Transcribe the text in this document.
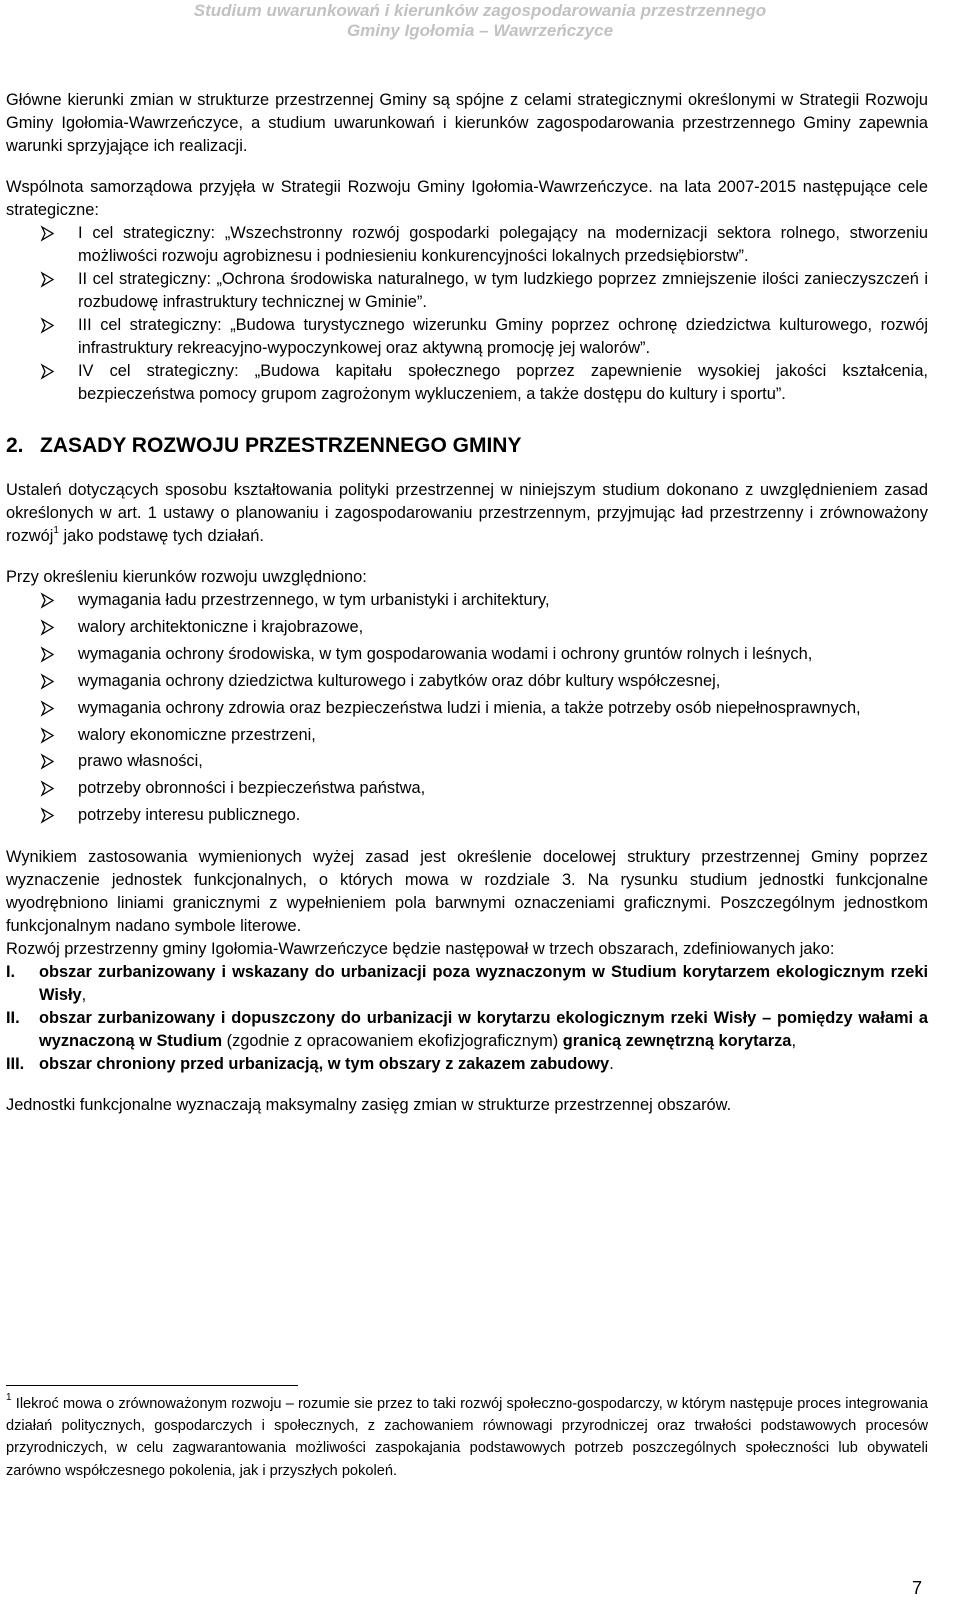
Studium uwarunkowań i kierunków zagospodarowania przestrzennego
Gminy Igołomia – Wawrzeńczyce

Główne kierunki zmian w strukturze przestrzennej Gminy są spójne z celami strategicznymi określonymi w Strategii Rozwoju Gminy Igołomia-Wawrzeńczyce, a studium uwarunkowań i kierunków zagospodarowania przestrzennego Gminy zapewnia warunki sprzyjające ich realizacji.

Wspólnota samorządowa przyjęła w Strategii Rozwoju Gminy Igołomia-Wawrzeńczyce. na lata 2007-2015 następujące cele strategiczne:

I cel strategiczny: „Wszechstronny rozwój gospodarki polegający na modernizacji sektora rolnego, stworzeniu możliwości rozwoju agrobiznesu i podniesieniu konkurencyjności lokalnych przedsiębiorstw”.
II cel strategiczny: „Ochrona środowiska naturalnego, w tym ludzkiego poprzez zmniejszenie ilości zanieczyszczeń i rozbudowę infrastruktury technicznej w Gminie”.
III cel strategiczny: „Budowa turystycznego wizerunku Gminy poprzez ochronę dziedzictwa kulturowego, rozwój infrastruktury rekreacyjno-wypoczynkowej oraz aktywną promocję jej walorów”.
IV cel strategiczny: „Budowa kapitału społecznego poprzez zapewnienie wysokiej jakości kształcenia, bezpieczeństwa pomocy grupom zagrożonym wykluczeniem, a także dostępu do kultury i sportu”.
2. ZASADY ROZWOJU PRZESTRZENNEGO GMINY

Ustaleń dotyczących sposobu kształtowania polityki przestrzennej w niniejszym studium dokonano z uwzględnieniem zasad określonych w art. 1 ustawy o planowaniu i zagospodarowaniu przestrzennym, przyjmując ład przestrzenny i zrównoważony rozwój$^1$ jako podstawę tych działań.

Przy określeniu kierunków rozwoju uwzględniono:

wymagania ładu przestrzennego, w tym urbanistyki i architektury,
walory architektoniczne i krajobrazowe,
wymagania ochrony środowiska, w tym gospodarowania wodami i ochrony gruntów rolnych i leśnych,
wymagania ochrony dziedzictwa kulturowego i zabytków oraz dóbr kultury współczesnej,
wymagania ochrony zdrowia oraz bezpieczeństwa ludzi i mienia, a także potrzeby osób niepełnosprawnych,
walory ekonomiczne przestrzeni,
prawo własności,
potrzeby obronności i bezpieczeństwa państwa,
potrzeby interesu publicznego.

Wynikiem zastosowania wymienionych wyżej zasad jest określenie docelowej struktury przestrzennej Gminy poprzez wyznaczenie jednostek funkcjonalnych, o których mowa w rozdziale 3. Na rysunku studium jednostki funkcjonalne wyodrębniono liniami granicznymi z wypełnieniem pola barwnymi oznaczeniami graficznymi. Poszczególnym jednostkom funkcjonalnym nadano symbole literowe.

Rozwój przestrzenny gminy Igołomia-Wawrzeńczyce będzie następował w trzech obszarach, zdefiniowanych jako:

I. obszar zurbanizowany i wskazany do urbanizacji poza wyznaczonym w Studium korytarzem ekologicznym rzeki Wisły,
II. obszar zurbanizowany i dopuszczony do urbanizacji w korytarzu ekologicznym rzeki Wisły – pomiędzy wałami a wyznaczoną w Studium (zgodnie z opracowaniem ekofizjograficznym) granicą zewnętrzną korytarza,
III. obszar chroniony przed urbanizacją, w tym obszary z zakazem zabudowy.

Jednostki funkcjonalne wyznaczają maksymalny zasięg zmian w strukturze przestrzennej obszarów.

$^1$ Ilekroć mowa o zrównoważonym rozwoju – rozumie sie przez to taki rozwój społeczno-gospodarczy, w którym następuje proces integrowania działań politycznych, gospodarczych i społecznych, z zachowaniem równowagi przyrodniczej oraz trwałości podstawowych procesów przyrodniczych, w celu zagwarantowania możliwości zaspokajania podstawowych potrzeb poszczególnych społeczności lub obywateli zarówno współczesnego pokolenia, jak i przyszłych pokoleń.
7
